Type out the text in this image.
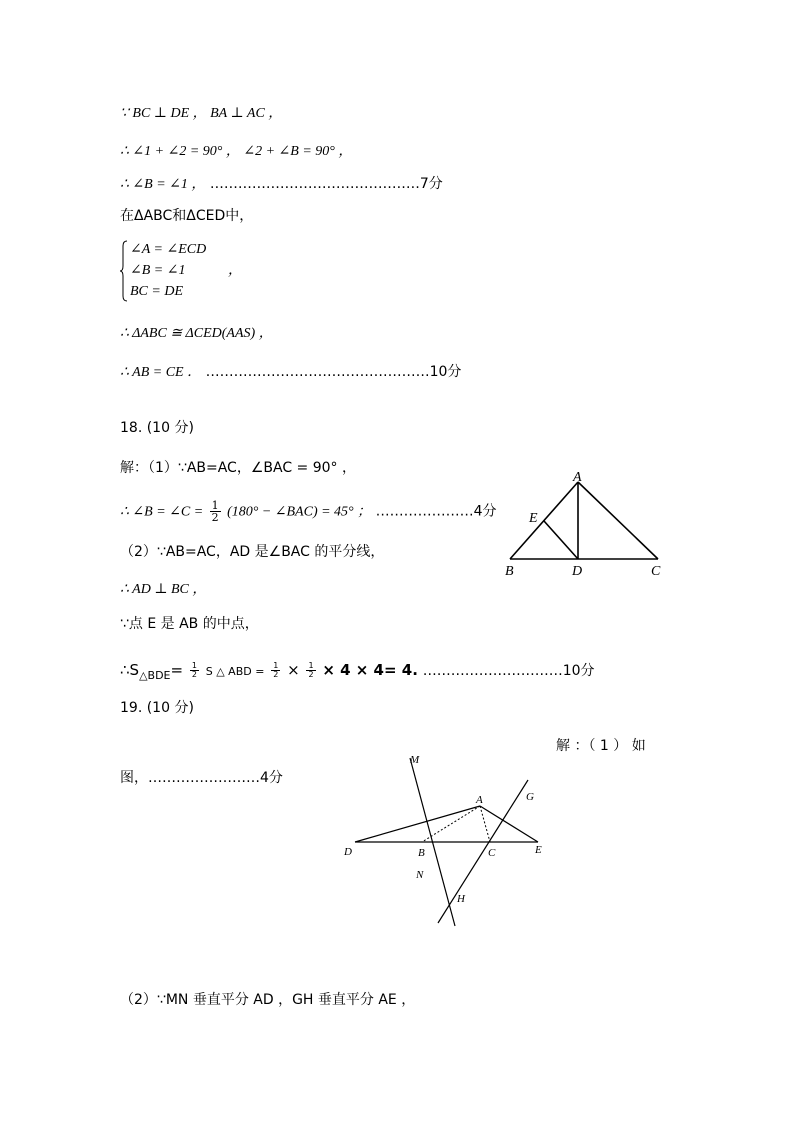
∵ BC ⊥ DE ， BA ⊥ AC ，
∴ ∠1 + ∠2 = 90° ， ∠2 + ∠B = 90° ，
∴ ∠B = ∠1 ， ………………………………………7分
在ΔABC和ΔCED中，
∠A = ∠ECD
∠B = ∠1
BC = DE
，
∴ ΔABC ≅ ΔCED(AAS) ，
∴ AB = CE ． …………………………………………10分
18. (10 分)
解：（1）∵AB=AC，∠BAC = 90° ，
∴ ∠B = ∠C = $\frac{1}{2} (180^\circ$ − ∠BAC) = 45° ； …………………4分
（2）∵AB=AC，AD 是∠BAC 的平分线，
∴ AD ⊥ BC ，
∵点 E 是 AB 的中点，
$\therefore S_{\triangle BDE}= \frac{1}{2}$ S △ ABD = $\frac{1}{2} \times \frac{1}{2} \times 4 \times 4= 4$. …………………………10分
A
E
B	D	C
19. (10 分)
解 ：（ 1 ） 如
图，……………………4分
M
A	G
D	B	C	E
N
H
（2）∵MN 垂直平分 AD ，GH 垂直平分 AE ，
